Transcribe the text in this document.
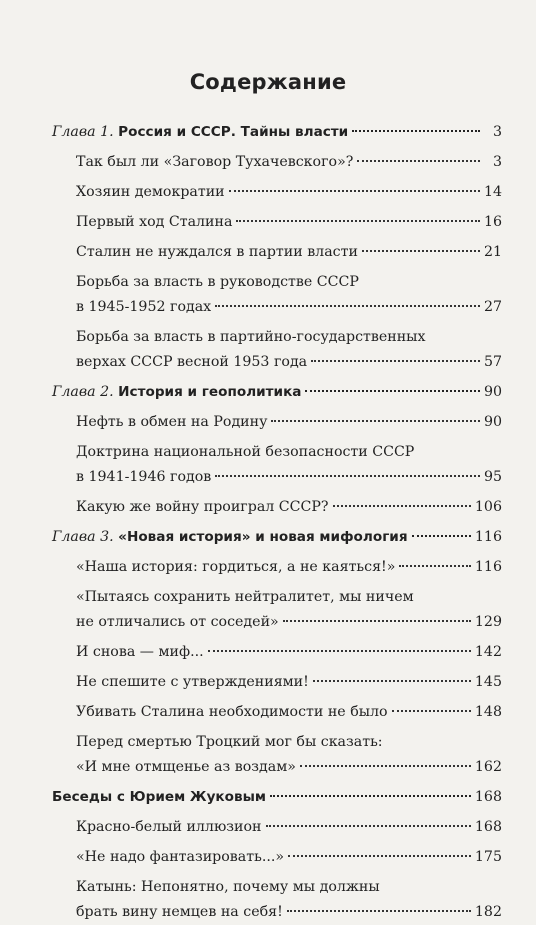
Содержание
Глава 1. Россия и СССР. Тайны власти	3
Так был ли «Заговор Тухачевского»?	3
Хозяин демократии	14
Первый ход Сталина	16
Сталин не нуждался в партии власти	21
Борьба за власть в руководстве СССР
в 1945-1952 годах	27
Борьба за власть в партийно-государственных
верхах СССР весной 1953 года	57
Глава 2. История и геополитика	90
Нефть в обмен на Родину	90
Доктрина национальной безопасности СССР
в 1941-1946 годов	95
Какую же войну проиграл СССР?	106
Глава 3. «Новая история» и новая мифология	116
«Наша история: гордиться, а не каяться!»	116
«Пытаясь сохранить нейтралитет, мы ничем
не отличались от соседей»	129
И снова — миф...	142
Не спешите с утверждениями!	145
Убивать Сталина необходимости не было	148
Перед смертью Троцкий мог бы сказать:
«И мне отмщенье аз воздам»	162
Беседы с Юрием Жуковым	168
Красно-белый иллюзион	168
«Не надо фантазировать...»	175
Катынь: Непонятно, почему мы должны
брать вину немцев на себя!	182
